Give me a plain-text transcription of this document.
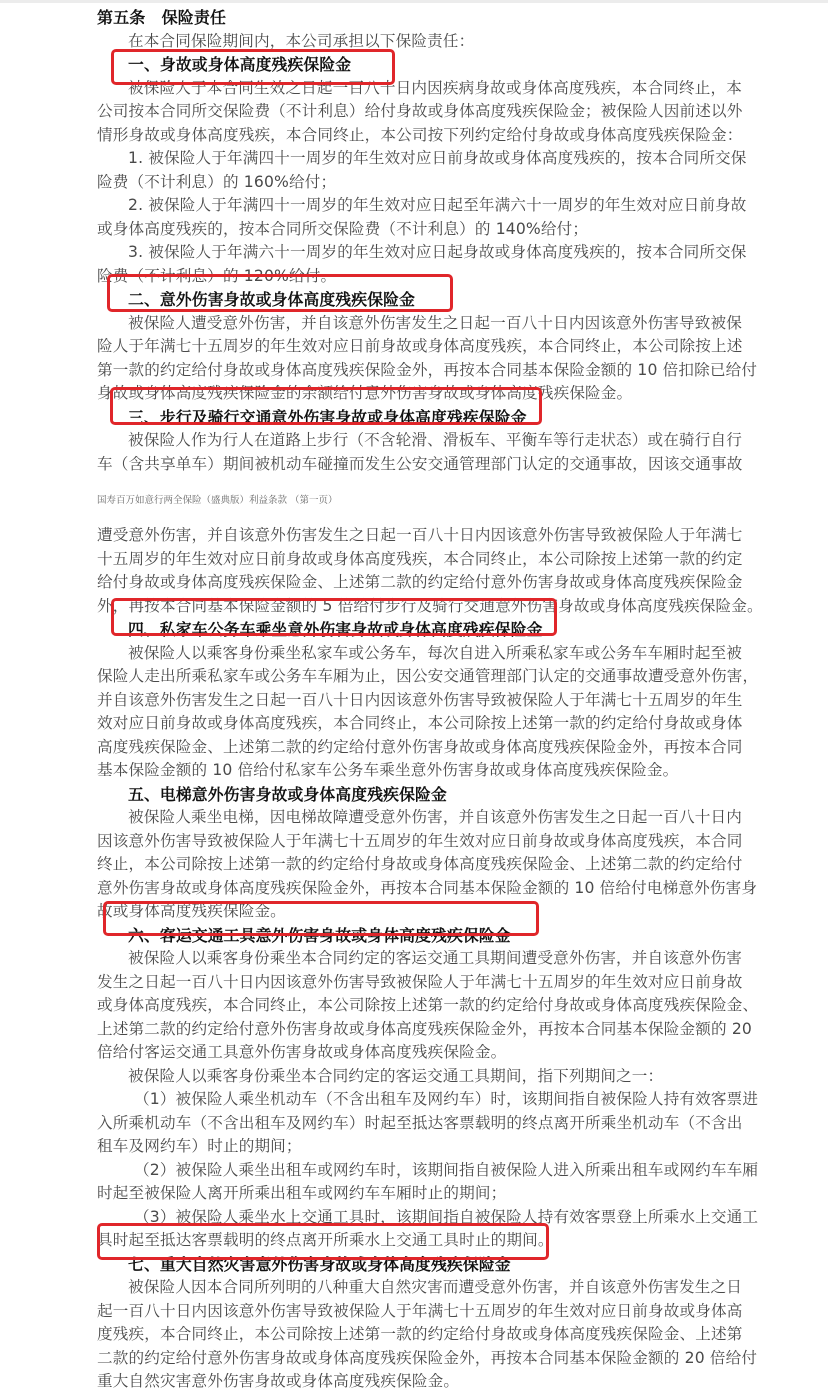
第五条　保险责任
在本合同保险期间内，本公司承担以下保险责任：
一、身故或身体高度残疾保险金
被保险人于本合同生效之日起一百八十日内因疾病身故或身体高度残疾，本合同终止，本
公司按本合同所交保险费（不计利息）给付身故或身体高度残疾保险金；被保险人因前述以外
情形身故或身体高度残疾，本合同终止，本公司按下列约定给付身故或身体高度残疾保险金：
1. 被保险人于年满四十一周岁的年生效对应日前身故或身体高度残疾的，按本合同所交保
险费（不计利息）的 160%给付；
2. 被保险人于年满四十一周岁的年生效对应日起至年满六十一周岁的年生效对应日前身故
或身体高度残疾的，按本合同所交保险费（不计利息）的 140%给付；
3. 被保险人于年满六十一周岁的年生效对应日起身故或身体高度残疾的，按本合同所交保
险费（不计利息）的 120%给付。
二、意外伤害身故或身体高度残疾保险金
被保险人遭受意外伤害，并自该意外伤害发生之日起一百八十日内因该意外伤害导致被保
险人于年满七十五周岁的年生效对应日前身故或身体高度残疾，本合同终止，本公司除按上述
第一款的约定给付身故或身体高度残疾保险金外，再按本合同基本保险金额的 10 倍扣除已给付
身故或身体高度残疾保险金的余额给付意外伤害身故或身体高度残疾保险金。
三、步行及骑行交通意外伤害身故或身体高度残疾保险金
被保险人作为行人在道路上步行（不含轮滑、滑板车、平衡车等行走状态）或在骑行自行
车（含共享单车）期间被机动车碰撞而发生公安交通管理部门认定的交通事故，因该交通事故
国寿百万如意行两全保险（盛典版）利益条款 （第一页）
遭受意外伤害，并自该意外伤害发生之日起一百八十日内因该意外伤害导致被保险人于年满七
十五周岁的年生效对应日前身故或身体高度残疾，本合同终止，本公司除按上述第一款的约定
给付身故或身体高度残疾保险金、上述第二款的约定给付意外伤害身故或身体高度残疾保险金
外，再按本合同基本保险金额的 5 倍给付步行及骑行交通意外伤害身故或身体高度残疾保险金。
四、私家车公务车乘坐意外伤害身故或身体高度残疾保险金
被保险人以乘客身份乘坐私家车或公务车，每次自进入所乘私家车或公务车车厢时起至被
保险人走出所乘私家车或公务车车厢为止，因公安交通管理部门认定的交通事故遭受意外伤害，
并自该意外伤害发生之日起一百八十日内因该意外伤害导致被保险人于年满七十五周岁的年生
效对应日前身故或身体高度残疾，本合同终止，本公司除按上述第一款的约定给付身故或身体
高度残疾保险金、上述第二款的约定给付意外伤害身故或身体高度残疾保险金外，再按本合同
基本保险金额的 10 倍给付私家车公务车乘坐意外伤害身故或身体高度残疾保险金。
五、电梯意外伤害身故或身体高度残疾保险金
被保险人乘坐电梯，因电梯故障遭受意外伤害，并自该意外伤害发生之日起一百八十日内
因该意外伤害导致被保险人于年满七十五周岁的年生效对应日前身故或身体高度残疾，本合同
终止，本公司除按上述第一款的约定给付身故或身体高度残疾保险金、上述第二款的约定给付
意外伤害身故或身体高度残疾保险金外，再按本合同基本保险金额的 10 倍给付电梯意外伤害身
故或身体高度残疾保险金。
六、客运交通工具意外伤害身故或身体高度残疾保险金
被保险人以乘客身份乘坐本合同约定的客运交通工具期间遭受意外伤害，并自该意外伤害
发生之日起一百八十日内因该意外伤害导致被保险人于年满七十五周岁的年生效对应日前身故
或身体高度残疾，本合同终止，本公司除按上述第一款的约定给付身故或身体高度残疾保险金、
上述第二款的约定给付意外伤害身故或身体高度残疾保险金外，再按本合同基本保险金额的 20
倍给付客运交通工具意外伤害身故或身体高度残疾保险金。
被保险人以乘客身份乘坐本合同约定的客运交通工具期间，指下列期间之一：
（1）被保险人乘坐机动车（不含出租车及网约车）时，该期间指自被保险人持有效客票进
入所乘机动车（不含出租车及网约车）时起至抵达客票载明的终点离开所乘坐机动车（不含出
租车及网约车）时止的期间；
（2）被保险人乘坐出租车或网约车时，该期间指自被保险人进入所乘出租车或网约车车厢
时起至被保险人离开所乘出租车或网约车车厢时止的期间；
（3）被保险人乘坐水上交通工具时，该期间指自被保险人持有效客票登上所乘水上交通工
具时起至抵达客票载明的终点离开所乘水上交通工具时止的期间。
七、重大自然灾害意外伤害身故或身体高度残疾保险金
被保险人因本合同所列明的八种重大自然灾害而遭受意外伤害，并自该意外伤害发生之日
起一百八十日内因该意外伤害导致被保险人于年满七十五周岁的年生效对应日前身故或身体高
度残疾，本合同终止，本公司除按上述第一款的约定给付身故或身体高度残疾保险金、上述第
二款的约定给付意外伤害身故或身体高度残疾保险金外，再按本合同基本保险金额的 20 倍给付
重大自然灾害意外伤害身故或身体高度残疾保险金。
